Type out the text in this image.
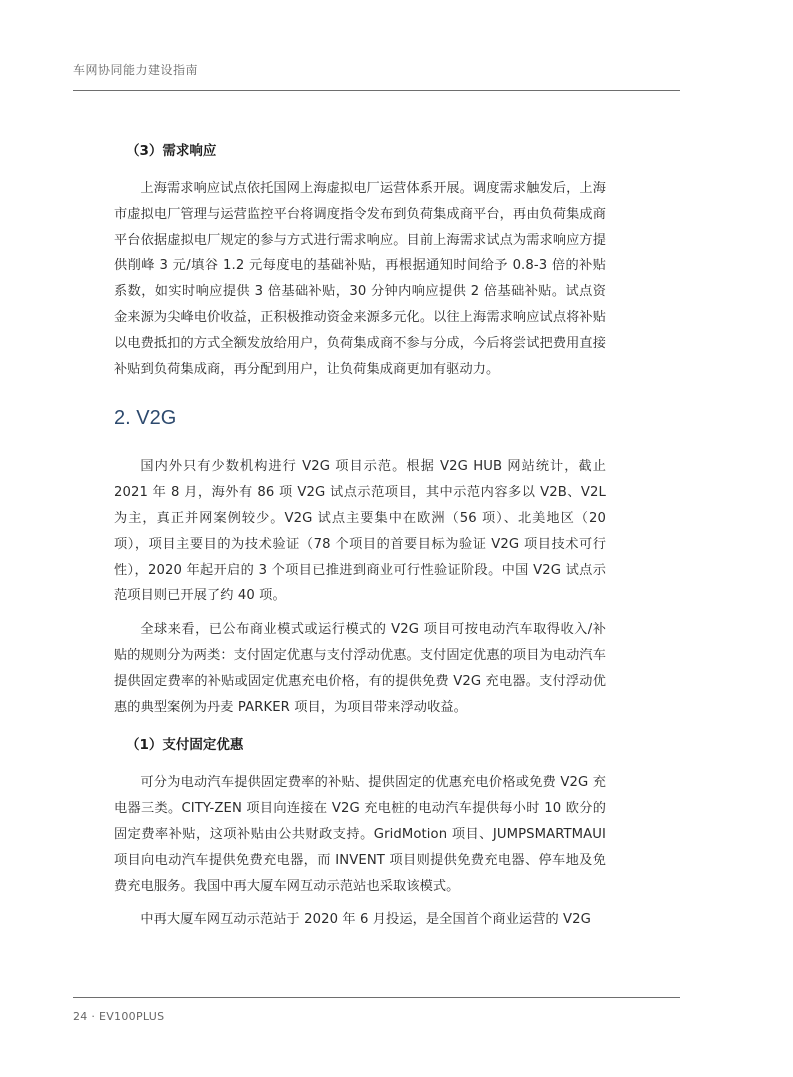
车网协同能力建设指南
（3）需求响应

上海需求响应试点依托国网上海虚拟电厂运营体系开展。调度需求触发后，上海市虚拟电厂管理与运营监控平台将调度指令发布到负荷集成商平台，再由负荷集成商平台依据虚拟电厂规定的参与方式进行需求响应。目前上海需求试点为需求响应方提供削峰 3 元/填谷 1.2 元每度电的基础补贴，再根据通知时间给予 0.8-3 倍的补贴系数，如实时响应提供 3 倍基础补贴，30 分钟内响应提供 2 倍基础补贴。试点资金来源为尖峰电价收益，正积极推动资金来源多元化。以往上海需求响应试点将补贴以电费抵扣的方式全额发放给用户，负荷集成商不参与分成，今后将尝试把费用直接补贴到负荷集成商，再分配到用户，让负荷集成商更加有驱动力。

2. V2G

国内外只有少数机构进行 V2G 项目示范。根据 V2G HUB 网站统计，截止 2021 年 8 月，海外有 86 项 V2G 试点示范项目，其中示范内容多以 V2B、V2L 为主，真正并网案例较少。V2G 试点主要集中在欧洲（56 项）、北美地区（20 项），项目主要目的为技术验证（78 个项目的首要目标为验证 V2G 项目技术可行性），2020 年起开启的 3 个项目已推进到商业可行性验证阶段。中国 V2G 试点示范项目则已开展了约 40 项。

全球来看，已公布商业模式或运行模式的 V2G 项目可按电动汽车取得收入/补贴的规则分为两类：支付固定优惠与支付浮动优惠。支付固定优惠的项目为电动汽车提供固定费率的补贴或固定优惠充电价格，有的提供免费 V2G 充电器。支付浮动优惠的典型案例为丹麦 PARKER 项目，为项目带来浮动收益。

（1）支付固定优惠

可分为电动汽车提供固定费率的补贴、提供固定的优惠充电价格或免费 V2G 充电器三类。CITY-ZEN 项目向连接在 V2G 充电桩的电动汽车提供每小时 10 欧分的固定费率补贴，这项补贴由公共财政支持。GridMotion 项目、JUMPSMARTMAUI 项目向电动汽车提供免费充电器，而 INVENT 项目则提供免费充电器、停车地及免费充电服务。我国中再大厦车网互动示范站也采取该模式。

中再大厦车网互动示范站于 2020 年 6 月投运，是全国首个商业运营的 V2G

24 · EV100PLUS
